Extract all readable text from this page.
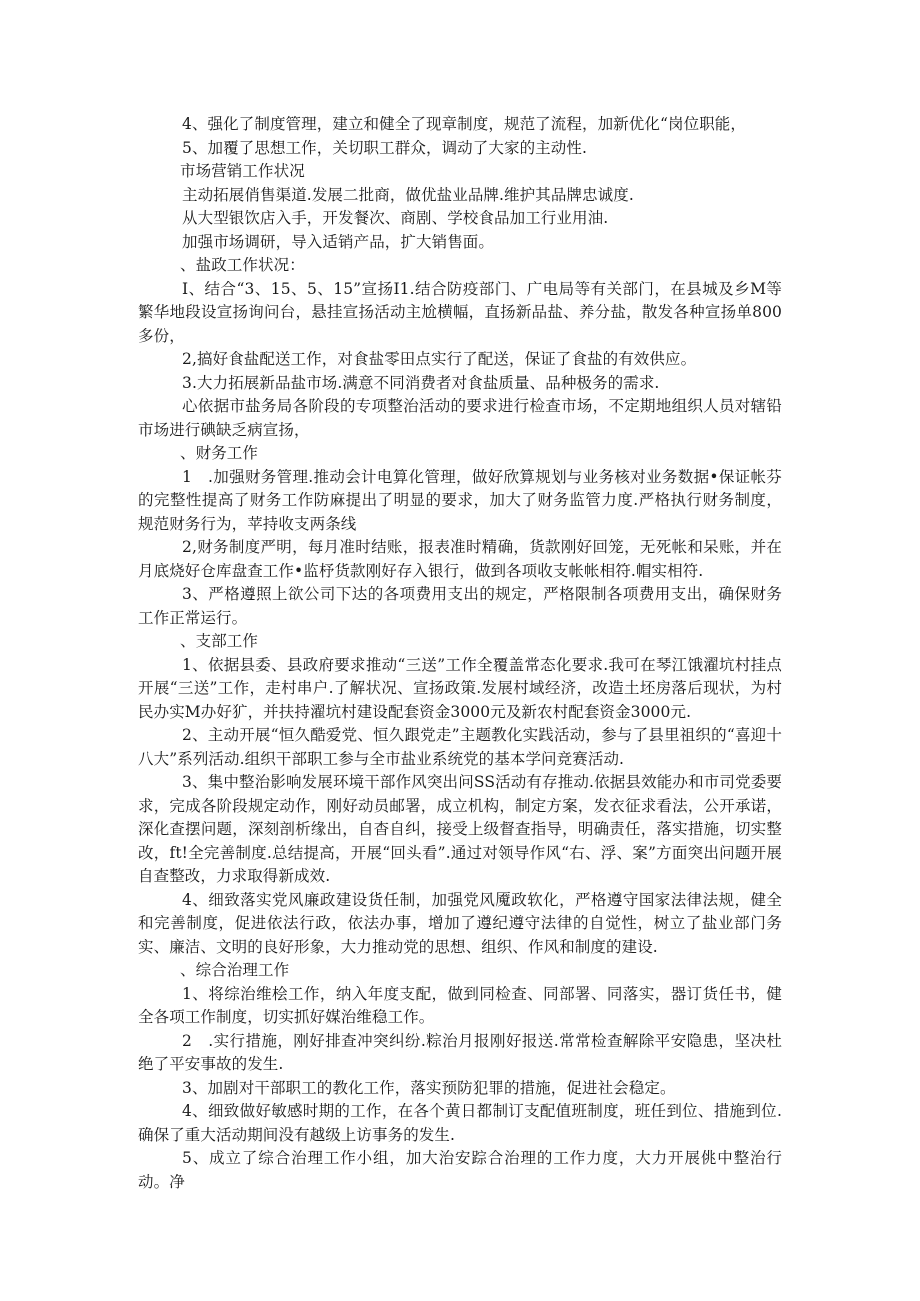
4、强化了制度管理，建立和健全了现章制度，规范了流程，加新优化“岗位职能，

5、加覆了思想工作，关切职工群众，调动了大家的主动性.

市场营销工作状况

主动拓展俏售渠道.发展二批商，做优盐业品牌.维护其品牌忠诚度.

从大型银饮店入手，开发餐次、商剧、学校食品加工行业用油.

加强市场调研，导入适销产品，扩大销售面。

、盐政工作状况：

I、结合“3、15、5、15”宣扬I1.结合防疫部门、广电局等有关部门，在县城及乡M等繁华地段设宣扬询问台，悬挂宣扬活动主尬横幅，直扬新品盐、养分盐，散发各种宣扬单800多份，

2,搞好食盐配送工作，对食盐零田点实行了配送，保证了食盐的有效供应。

3.大力拓展新品盐市场.满意不同消费者对食盐质量、品种极务的需求.

心依据市盐务局各阶段的专项整治活动的要求进行检查市场，不定期地组织人员对辖铅市场进行碘缺乏病宣扬，

、财务工作

1　.加强财务管理.推动会计电算化管理，做好欣算规划与业务核对业务数据•保证帐芬的完整性提高了财务工作防麻提出了明显的要求，加大了财务监管力度.严格执行财务制度，规范财务行为，苹持收支两条线

2,财务制度严明，每月准时结账，报表准时精确，货款刚好回笼，无死帐和呆账，并在月底烧好仓库盘查工作•监杼货款刚好存入银行，做到各项收支帐帐相符.帽实相符.

3、严格遵照上欲公司下达的各项费用支出的规定，严格限制各项费用支出，确保财务工作正常运行。

、支部工作

1、依据县委、县政府要求推动“三送”工作全覆盖常态化要求.我可在琴江饿濯坑村挂点开展“三送”工作，走村串户.了解状况、宣扬政策.发展村域经济，改造土坯房落后现状，为村民办实M办好犷，并扶持濯坑村建设配套资金3000元及新农村配套资金3000元.

2、主动开展“恒久酷爱党、恒久跟党走”主题教化实践活动，参与了县里祖织的“喜迎十八大”系列活动.组织干部职工参与全市盐业系统党的基本学问竞赛活动.

3、集中整治影响发展环境干部作风突出问SS活动有存推动.依据县效能办和市司党委要求，完成各阶段规定动作，刚好动员邮署，成立机构，制定方案，发衣征求看法，公开承诺，深化查摆问题，深刻剖析缘出，自杳自纠，接受上级督查指导，明确责任，落实措施，切实整改，ft!全完善制度.总结提高，开展“回头看”.通过对领导作风“右、浮、案”方面突出问题开展自查整改，力求取得新成效.

4、细致落实党风廉政建设货任制，加强党风魇政软化，严格遵守国家法律法规，健全和完善制度，促进依法行政，依法办事，增加了遵纪遵守法律的自觉性，树立了盐业部门务实、廉洁、文明的良好形象，大力推动党的思想、组织、作风和制度的建设.

、综合治理工作

1、将综治维桧工作，纳入年度支配，做到同检查、同部署、同落实，器订货任书，健全各项工作制度，切实抓好媒治维稳工作。

2　.实行措施，刚好排查冲突纠纷.粽治月报刚好报送.常常检查解除平安隐患，坚决杜绝了平安事故的发生.

3、加剧对干部职工的教化工作，落实预防犯罪的措施，促进社会稳定。

4、细致做好敏感时期的工作，在各个黄日都制订支配值班制度，班任到位、措施到位.确保了重大活动期间没有越级上访事务的发生.

5、成立了综合治理工作小组，加大治安踪合治理的工作力度，大力开展佻中整治行动。净
